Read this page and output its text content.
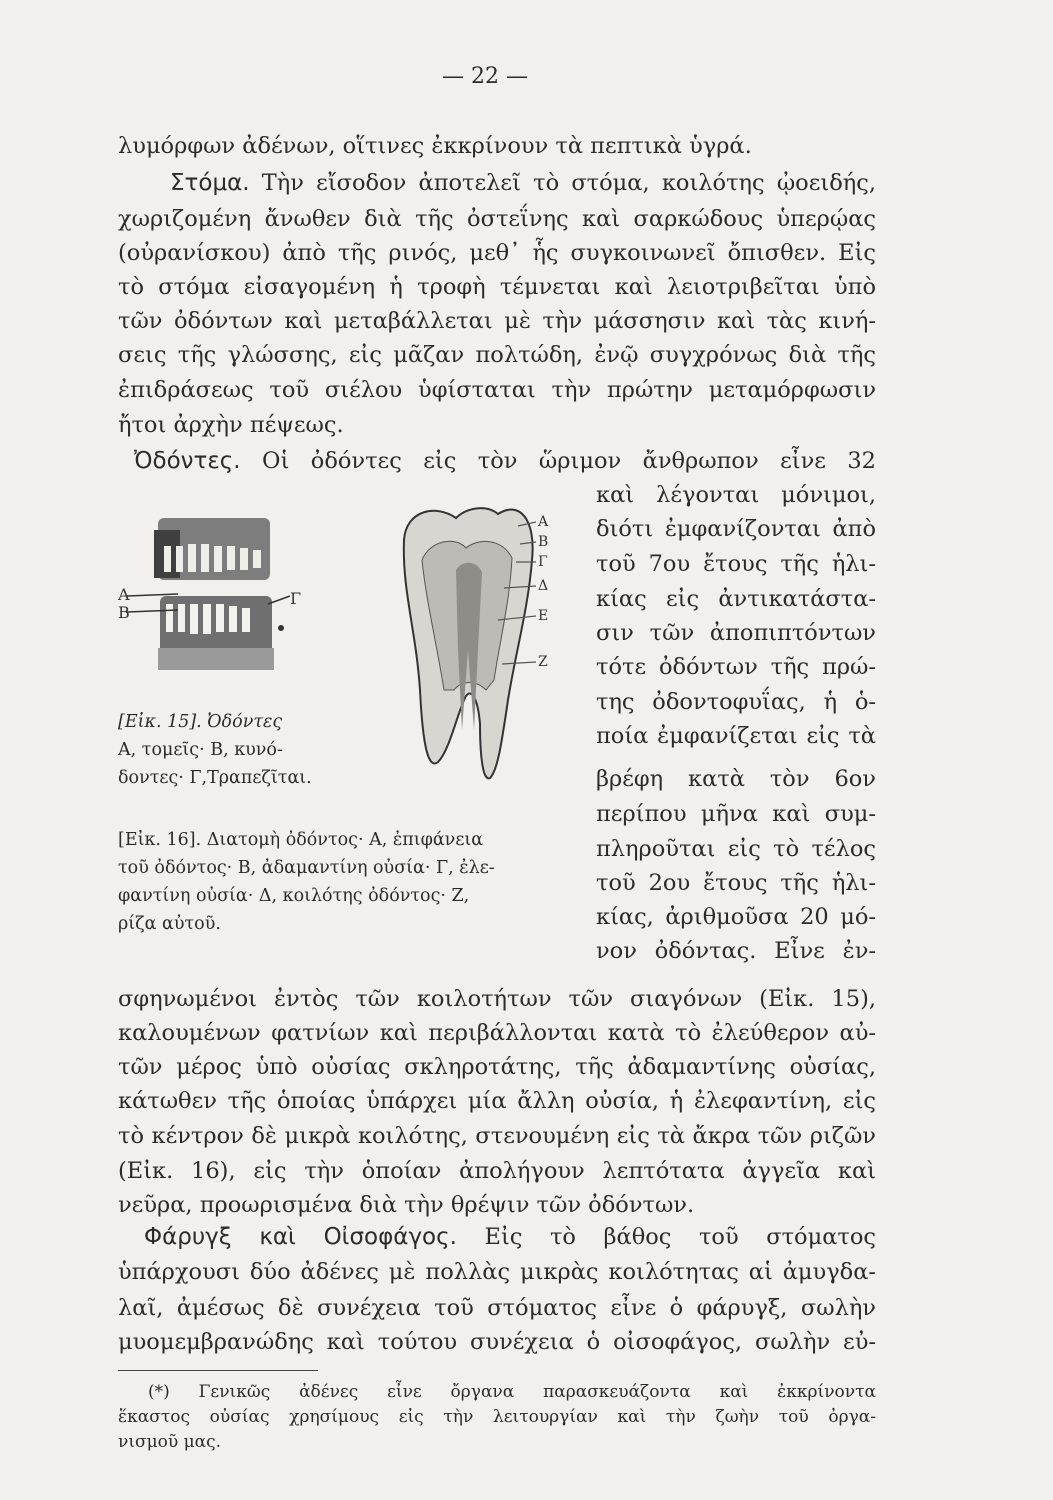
— 22 —
λυμόρφων ἀδένων, οἵτινες ἐκκρίνουν τὰ πεπτικὰ ὑγρά.
Στόμα. Τὴν εἴσοδον ἀποτελεῖ τὸ στόμα, κοιλότης ᾠοειδής,
χωριζομένη ἄνωθεν διὰ τῆς ὀστεΐνης καὶ σαρκώδους ὑπερῴας
(οὐρανίσκου) ἀπὸ τῆς ρινός, μεθ᾽ ἧς συγκοινωνεῖ ὄπισθεν. Εἰς
τὸ στόμα εἰσαγομένη ἡ τροφὴ τέμνεται καὶ λειοτριβεῖται ὑπὸ
τῶν ὀδόντων καὶ μεταβάλλεται μὲ τὴν μάσσησιν καὶ τὰς κινή-
σεις τῆς γλώσσης, εἰς μᾶζαν πολτώδη, ἐνῷ συγχρόνως διὰ τῆς
ἐπιδράσεως τοῦ σιέλου ὑφίσταται τὴν πρώτην μεταμόρφωσιν
ἤτοι ἀρχὴν πέψεως.
Ὀδόντες. Οἱ ὀδόντες εἰς τὸν ὥριμον ἄνθρωπον εἶνε 32
καὶ λέγονται μόνιμοι,
διότι ἐμφανίζονται ἀπὸ
τοῦ 7ου ἔτους τῆς ἡλι-
κίας εἰς ἀντικατάστα-
σιν τῶν ἀποπιπτόντων
τότε ὀδόντων τῆς πρώ-
της ὀδοντοφυΐας, ἡ ὁ-
ποία ἐμφανίζεται εἰς τὰ
βρέφη κατὰ τὸν 6ον
περίπου μῆνα καὶ συμ-
πληροῦται εἰς τὸ τέλος
τοῦ 2ου ἔτους τῆς ἡλι-
κίας, ἀριθμοῦσα 20 μό-
νον ὀδόντας. Εἶνε ἐν-
Α
Β
Γ
[Εἰκ. 15]. Ὀδόντες
Α, τομεῖς· Β, κυνό-
δοντες· Γ,Τραπεζῖται.
Α
Β
Γ
Δ
Ε
Ζ
[Εἰκ. 16]. Διατομὴ ὀδόντος· Α, ἐπιφάνεια
τοῦ ὀδόντος· Β, ἀδαμαντίνη οὐσία· Γ, ἐλε-
φαντίνη οὐσία· Δ, κοιλότης ὀδόντος· Ζ,
ρίζα αὐτοῦ.
σφηνωμένοι ἐντὸς τῶν κοιλοτήτων τῶν σιαγόνων (Εἰκ. 15),
καλουμένων φατνίων καὶ περιβάλλονται κατὰ τὸ ἐλεύθερον αὐ-
τῶν μέρος ὑπὸ οὐσίας σκληροτάτης, τῆς ἀδαμαντίνης οὐσίας,
κάτωθεν τῆς ὁποίας ὑπάρχει μία ἄλλη οὐσία, ἡ ἐλεφαντίνη, εἰς
τὸ κέντρον δὲ μικρὰ κοιλότης, στενουμένη εἰς τὰ ἄκρα τῶν ριζῶν
(Εἰκ. 16), εἰς τὴν ὁποίαν ἀπολήγουν λεπτότατα ἀγγεῖα καὶ
νεῦρα, προωρισμένα διὰ τὴν θρέψιν τῶν ὀδόντων.
Φάρυγξ καὶ Οἰσοφάγος. Εἰς τὸ βάθος τοῦ στόματος
ὑπάρχουσι δύο ἀδένες μὲ πολλὰς μικρὰς κοιλότητας αἱ ἀμυγδα-
λαῖ, ἀμέσως δὲ συνέχεια τοῦ στόματος εἶνε ὁ φάρυγξ, σωλὴν
μυομεμβρανώδης καὶ τούτου συνέχεια ὁ οἰσοφάγος, σωλὴν εὐ-
(*) Γενικῶς ἀδένες εἶνε ὄργανα παρασκευάζοντα καὶ ἐκκρίνοντα
ἕκαστος οὐσίας χρησίμους εἰς τὴν λειτουργίαν καὶ τὴν ζωὴν τοῦ ὀργα-
νισμοῦ μας.
